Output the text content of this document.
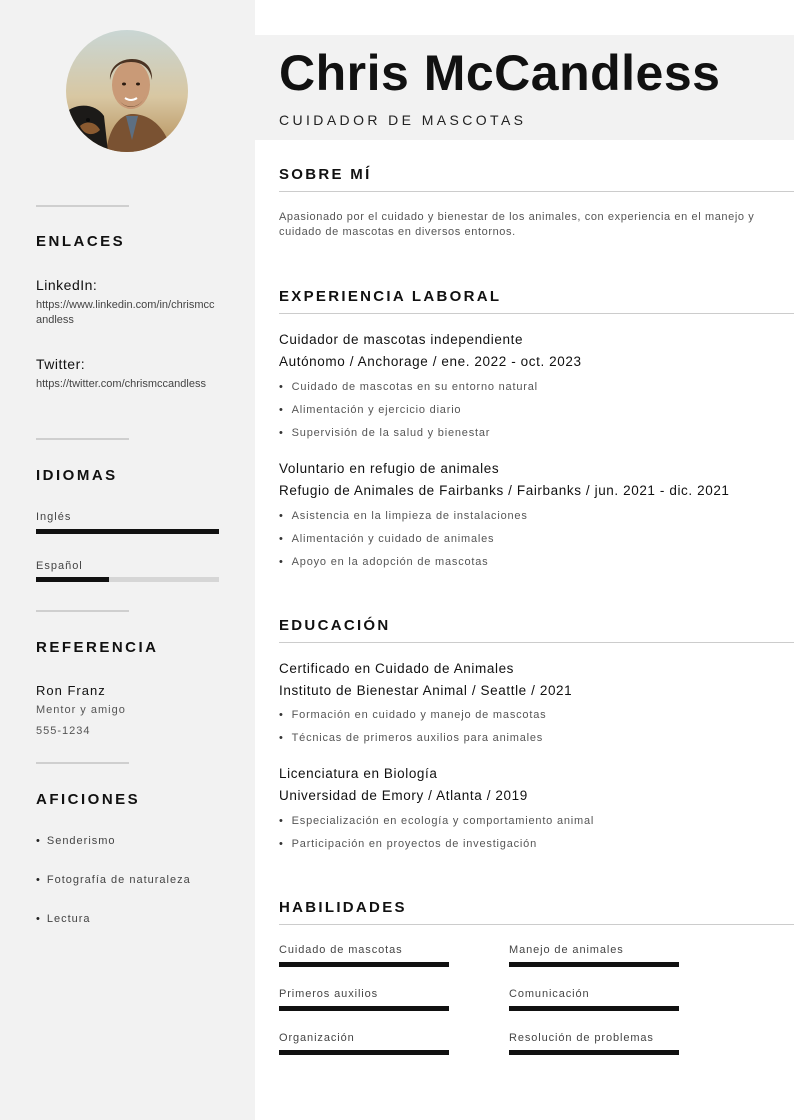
ENLACES
LinkedIn:
https://www.linkedin.com/in/chrismccandless
Twitter:
https://twitter.com/chrismccandless
IDIOMAS
Inglés
Español
REFERENCIA
Ron Franz
Mentor y amigo
555-1234
AFICIONES
• Senderismo
• Fotografía de naturaleza
• Lectura
Chris McCandless
CUIDADOR DE MASCOTAS
SOBRE MÍ
Apasionado por el cuidado y bienestar de los animales, con experiencia en el manejo y cuidado de mascotas en diversos entornos.
EXPERIENCIA LABORAL
Cuidador de mascotas independiente
Autónomo / Anchorage / ene. 2022 - oct. 2023
• Cuidado de mascotas en su entorno natural
• Alimentación y ejercicio diario
• Supervisión de la salud y bienestar
Voluntario en refugio de animales
Refugio de Animales de Fairbanks / Fairbanks / jun. 2021 - dic. 2021
• Asistencia en la limpieza de instalaciones
• Alimentación y cuidado de animales
• Apoyo en la adopción de mascotas
EDUCACIÓN
Certificado en Cuidado de Animales
Instituto de Bienestar Animal / Seattle / 2021
• Formación en cuidado y manejo de mascotas
• Técnicas de primeros auxilios para animales
Licenciatura en Biología
Universidad de Emory / Atlanta / 2019
• Especialización en ecología y comportamiento animal
• Participación en proyectos de investigación
HABILIDADES
Cuidado de mascotas	Manejo de animales
Primeros auxilios	Comunicación
Organización	Resolución de problemas
